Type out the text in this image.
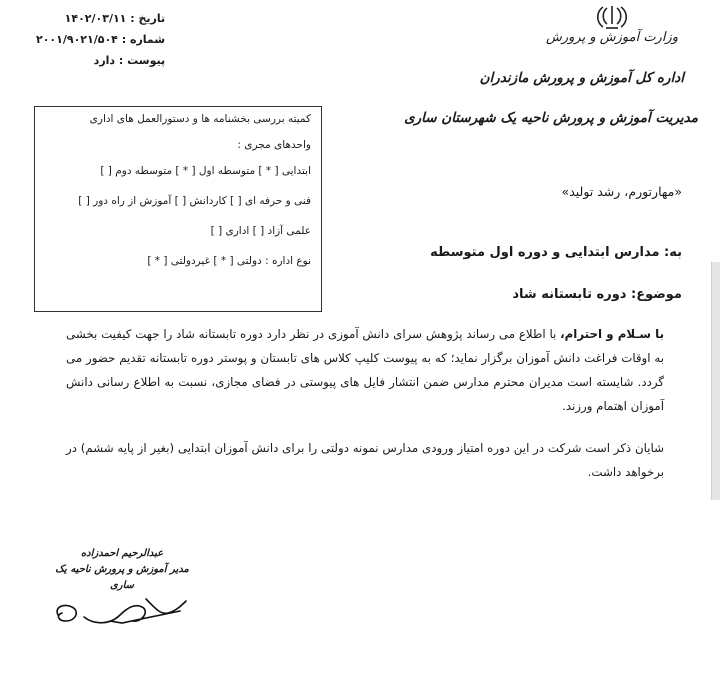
وزارت آموزش و پرورش
اداره کل آموزش و پرورش مازندران
مدیریت آموزش و پرورش ناحیه یک شهرستان ساری
تاریخ : ۱۴۰۲/۰۳/۱۱
شماره : ۲۰۰۱/۹۰۲۱/۵۰۴
پیوست : دارد
کمیته بررسی بخشنامه ها و دستورالعمل های اداری
واحدهای مجری :
ابتدایی [ * ] متوسطه اول [ * ] متوسطه دوم [ ]
فنی و حرفه ای [ ] کاردانش [ ] آموزش از راه دور [ ]
علمی آزاد [ ] اداری [ ]
نوع اداره : دولتی [ * ] غیردولتی [ * ]
«مهارتورم، رشد تولید»
به: مدارس ابتدایی و دوره اول متوسطه
موضوع: دوره تابستانه شاد
با سـلام و احترام، با اطلاع می رساند پژوهش سرای دانش آموزی در نظر دارد دوره تابستانه شاد را جهت کیفیت بخشی به اوقات فراغت دانش آموزان برگزار نماید؛ که به پیوست کلیپ کلاس های تابستان و پوستر دوره تابستانه تقدیم حضور می گردد. شایسته است مدیران محترم مدارس ضمن انتشار فایل های پیوستی در فضای مجازی، نسبت به اطلاع رسانی دانش آموزان اهتمام ورزند.
شایان ذکر است شرکت در این دوره امتیاز ورودی مدارس نمونه دولتی را برای دانش آموزان ابتدایی (بغیر از پایه ششم) در برخواهد داشت.
عبدالرحیم احمدزاده
مدیر آموزش و پرورش ناحیه یک ساری
